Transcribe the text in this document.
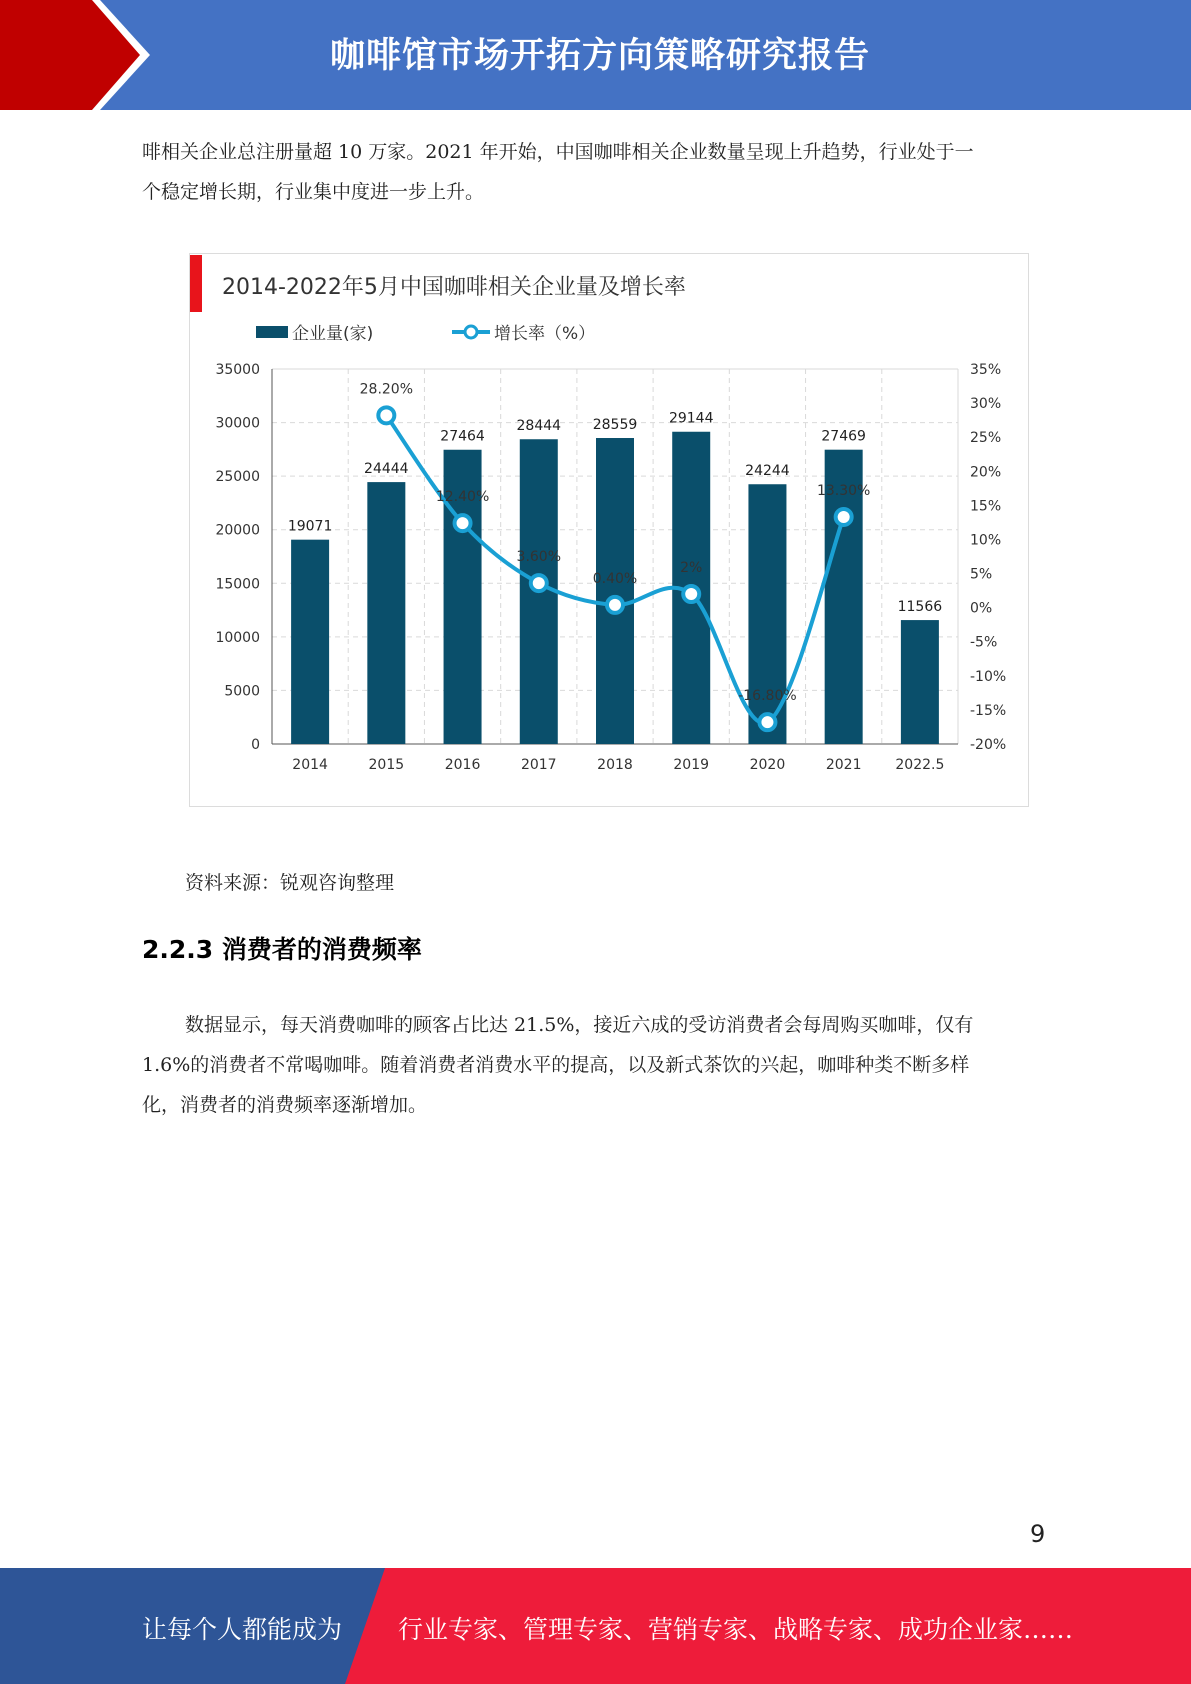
咖啡馆市场开拓方向策略研究报告
啡相关企业总注册量超 10 万家。2021 年开始，中国咖啡相关企业数量呈现上升趋势，行业处于一
个稳定增长期，行业集中度进一步上升。
2014-2022年5月中国咖啡相关企业量及增长率
企业量(家)	增长率（%）
0
5000
10000
15000
20000
25000
30000
35000
-20%
-15%
-10%
-5%
0%
5%
10%
15%
20%
25%
30%
35%
19071
24444
27464
28444 28559 29144
24244
27469
11566
2014	2015	2016	2017	2018	2019	2020	2021 2022.5
28.20%
12.40%
3.60%
0.40%
2%
-16.80%
13.30%
资料来源：锐观咨询整理
2.2.3 消费者的消费频率
数据显示，每天消费咖啡的顾客占比达 21.5%，接近六成的受访消费者会每周购买咖啡，仅有
1.6%的消费者不常喝咖啡。随着消费者消费水平的提高，以及新式茶饮的兴起，咖啡种类不断多样
化，消费者的消费频率逐渐增加。
9
让每个人都能成为 行业专家、管理专家、营销专家、战略专家、成功企业家……
